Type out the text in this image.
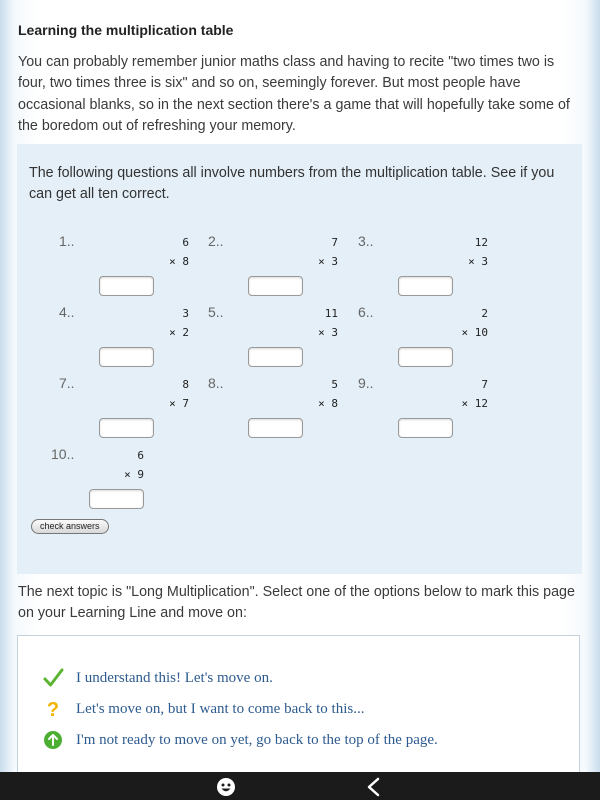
Learning the multiplication table

You can probably remember junior maths class and having to recite "two times two is four, two times three is six" and so on, seemingly forever. But most people have occasional blanks, so in the next section there's a game that will hopefully take some of the boredom out of refreshing your memory.

The following questions all involve numbers from the multiplication table. See if you can get all ten correct.

1..	6
× 8
2..	7
× 3
3..	12
× 3
4..	3
× 2
5..	11
× 3
6..	2
× 10
7..	8
× 7
8..	5
× 8
9..	7
× 12
10..	6
× 9
check answers

The next topic is "Long Multiplication". Select one of the options below to mark this page on your Learning Line and move on:

I understand this! Let's move on.
? Let's move on, but I want to come back to this...
I'm not ready to move on yet, go back to the top of the page.
